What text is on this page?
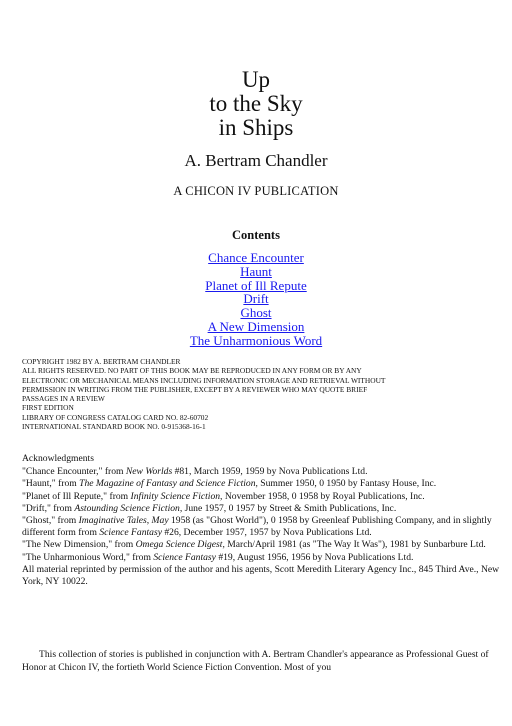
Up
to the Sky
in Ships
A. Bertram Chandler
A CHICON IV PUBLICATION
Contents
Chance Encounter
Haunt
Planet of Ill Repute
Drift
Ghost
A New Dimension
The Unharmonious Word
COPYRIGHT 1982 BY A. BERTRAM CHANDLER
ALL RIGHTS RESERVED. NO PART OF THIS BOOK MAY BE REPRODUCED IN ANY FORM OR BY ANY
ELECTRONIC OR MECHANICAL MEANS INCLUDING INFORMATION STORAGE AND RETRIEVAL WITHOUT
PERMISSION IN WRITING FROM THE PUBLISHER, EXCEPT BY A REVIEWER WHO MAY QUOTE BRIEF
PASSAGES IN A REVIEW
FIRST EDITION
LIBRARY OF CONGRESS CATALOG CARD NO. 82-60702
INTERNATIONAL STANDARD BOOK NO. 0-915368-16-1

Acknowledgments

"Chance Encounter," from New Worlds #81, March 1959, 1959 by Nova Publications Ltd.

"Haunt," from The Magazine of Fantasy and Science Fiction, Summer 1950, 0 1950 by Fantasy House, Inc.

"Planet of Ill Repute," from Infinity Science Fiction, November 1958, 0 1958 by Royal Publications, Inc.

"Drift," from Astounding Science Fiction, June 1957, 0 1957 by Street & Smith Publications, Inc.

"Ghost," from Imaginative Tales, May 1958 (as "Ghost World"), 0 1958 by Greenleaf Publishing Company, and in slightly different form from Science Fantasy #26, December 1957, 1957 by Nova Publications Ltd.

"The New Dimension," from Omega Science Digest, March/April 1981 (as "The Way It Was"), 1981 by Sunbarbure Ltd. "The Unharmonious Word," from Science Fantasy #19, August 1956, 1956 by Nova Publications Ltd.

All material reprinted by permission of the author and his agents, Scott Meredith Literary Agency Inc., 845 Third Ave., New York, NY 10022.

This collection of stories is published in conjunction with A. Bertram Chandler's appearance as Professional Guest of Honor at Chicon IV, the fortieth World Science Fiction Convention. Most of you
